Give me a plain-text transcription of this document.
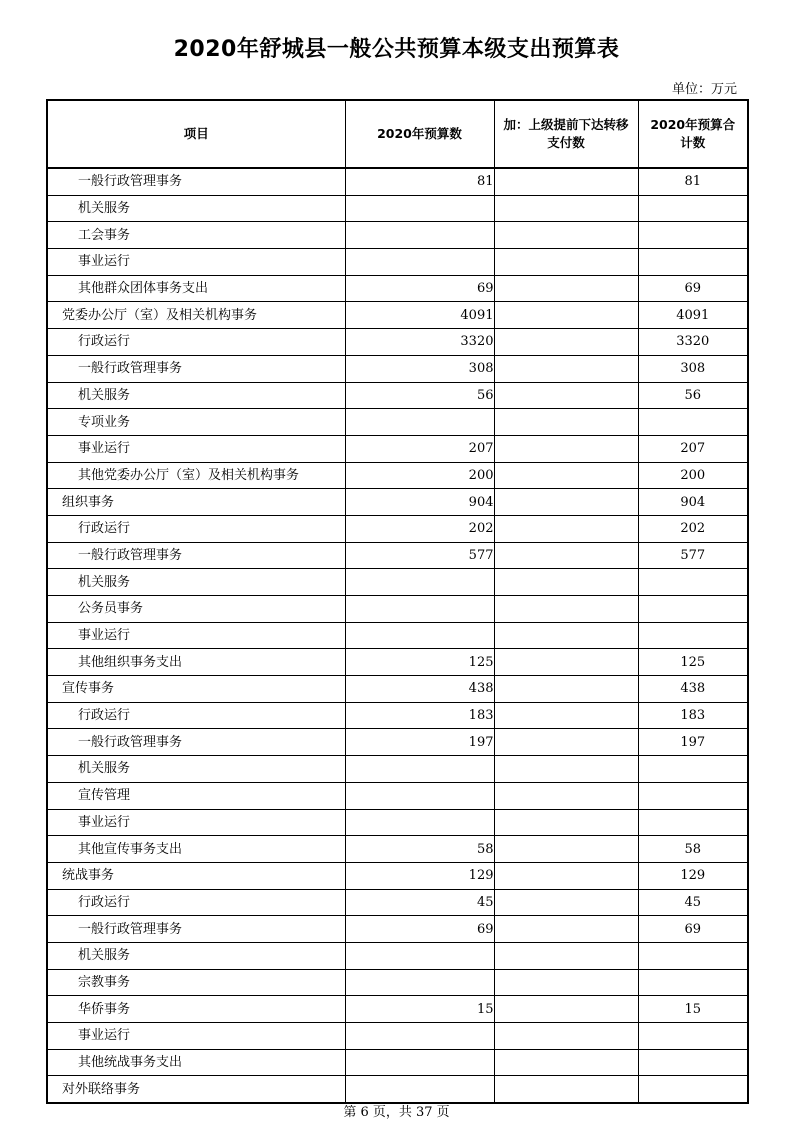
2020年舒城县一般公共预算本级支出预算表
单位：万元
项目	2020年预算数	加：上级提前下达转移支付数	2020年预算合计数
一般行政管理事务	81		81
机关服务			
工会事务			
事业运行			
其他群众团体事务支出	69		69
党委办公厅（室）及相关机构事务	4091		4091
行政运行	3320		3320
一般行政管理事务	308		308
机关服务	56		56
专项业务			
事业运行	207		207
其他党委办公厅（室）及相关机构事务	200		200
组织事务	904		904
行政运行	202		202
一般行政管理事务	577		577
机关服务			
公务员事务			
事业运行			
其他组织事务支出	125		125
宣传事务	438		438
行政运行	183		183
一般行政管理事务	197		197
机关服务			
宣传管理			
事业运行			
其他宣传事务支出	58		58
统战事务	129		129
行政运行	45		45
一般行政管理事务	69		69
机关服务			
宗教事务			
华侨事务	15		15
事业运行			
其他统战事务支出			
对外联络事务			
第 6 页，共 37 页
